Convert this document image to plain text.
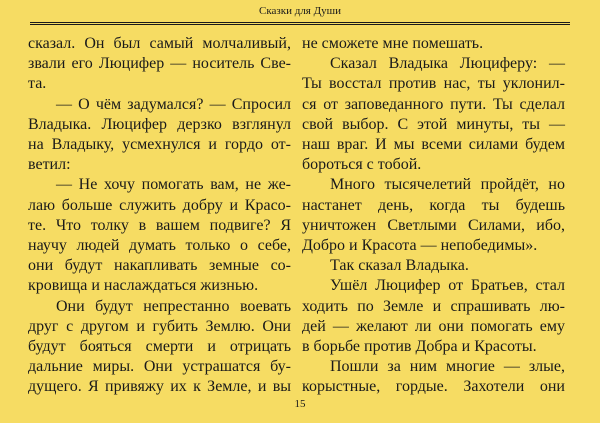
Сказки для Души
сказал. Он был самый молчаливый,
звали его Люцифер — носитель Све-
та.
— О чём задумался? — Спросил
Владыка. Люцифер дерзко взглянул
на Владыку, усмехнулся и гордо от-
ветил:
— Не хочу помогать вам, не же-
лаю больше служить добру и Красо-
те. Что толку в вашем подвиге? Я
научу людей думать только о себе,
они будут накапливать земные со-
кровища и наслаждаться жизнью.
Они будут непрестанно воевать
друг с другом и губить Землю. Они
будут бояться смерти и отрицать
дальние миры. Они устрашатся бу-
дущего. Я привяжу их к Земле, и вы
не сможете мне помешать.
Сказал Владыка Люциферу: —
Ты восстал против нас, ты уклонил-
ся от заповеданного пути. Ты сделал
свой выбор. С этой минуты, ты —
наш враг. И мы всеми силами будем
бороться с тобой.
Много тысячелетий пройдёт, но
настанет день, когда ты будешь
уничтожен Светлыми Силами, ибо,
Добро и Красота — непобедимы».
Так сказал Владыка.
Ушёл Люцифер от Братьев, стал
ходить по Земле и спрашивать лю-
дей — желают ли они помогать ему
в борьбе против Добра и Красоты.
Пошли за ним многие — злые,
корыстные, гордые. Захотели они
15
